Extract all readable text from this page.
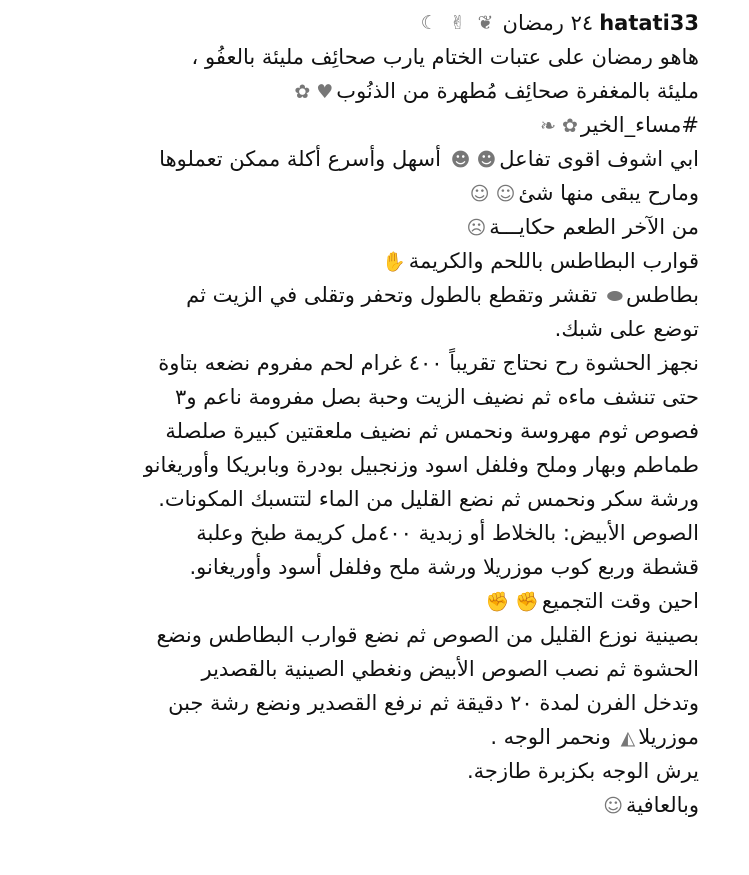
hatati33
٢٤ رمضان
❦
✌
☾
هاهو رمضان على عتبات الختام يارب صحائِف مليئة بالعفُو ،
مليئة بالمغفرة صحائِف مُطهرة من الذنُوب♥✿
#مساء_الخير✿❧
ابي اشوف اقوى تفاعل☻☻ أسهل وأسرع أكلة ممكن تعملوها
ومارح يبقى منها شئ☺☺
من الآخر الطعم حكايـــة☹
قوارب البطاطس باللحم والكريمة✋
بطاطس⬬ تقشر وتقطع بالطول وتحفر وتقلى في الزيت ثم
توضع على شبك.
نجهز الحشوة رح نحتاج تقريباً ٤٠٠ غرام لحم مفروم نضعه بتاوة
حتى تنشف ماءه ثم نضيف الزيت وحبة بصل مفرومة ناعم و٣
فصوص ثوم مهروسة ونحمس ثم نضيف ملعقتين كبيرة صلصلة
طماطم وبهار وملح وفلفل اسود وزنجبيل بودرة وبابريكا وأوريغانو
ورشة سكر ونحمس ثم نضع القليل من الماء لتتسبك المكونات.
الصوص الأبيض: بالخلاط أو زبدية ٤٠٠مل كريمة طبخ وعلبة
قشطة وربع كوب موزريلا ورشة ملح وفلفل أسود وأوريغانو.
احين وقت التجميع✊✊
بصينية نوزع القليل من الصوص ثم نضع قوارب البطاطس ونضع
الحشوة ثم نصب الصوص الأبيض ونغطي الصينية بالقصدير
وتدخل الفرن لمدة ٢٠ دقيقة ثم نرفع القصدير ونضع رشة جبن
موزريلا◭ ونحمر الوجه .
يرش الوجه بكزبرة طازجة.
وبالعافية☺
